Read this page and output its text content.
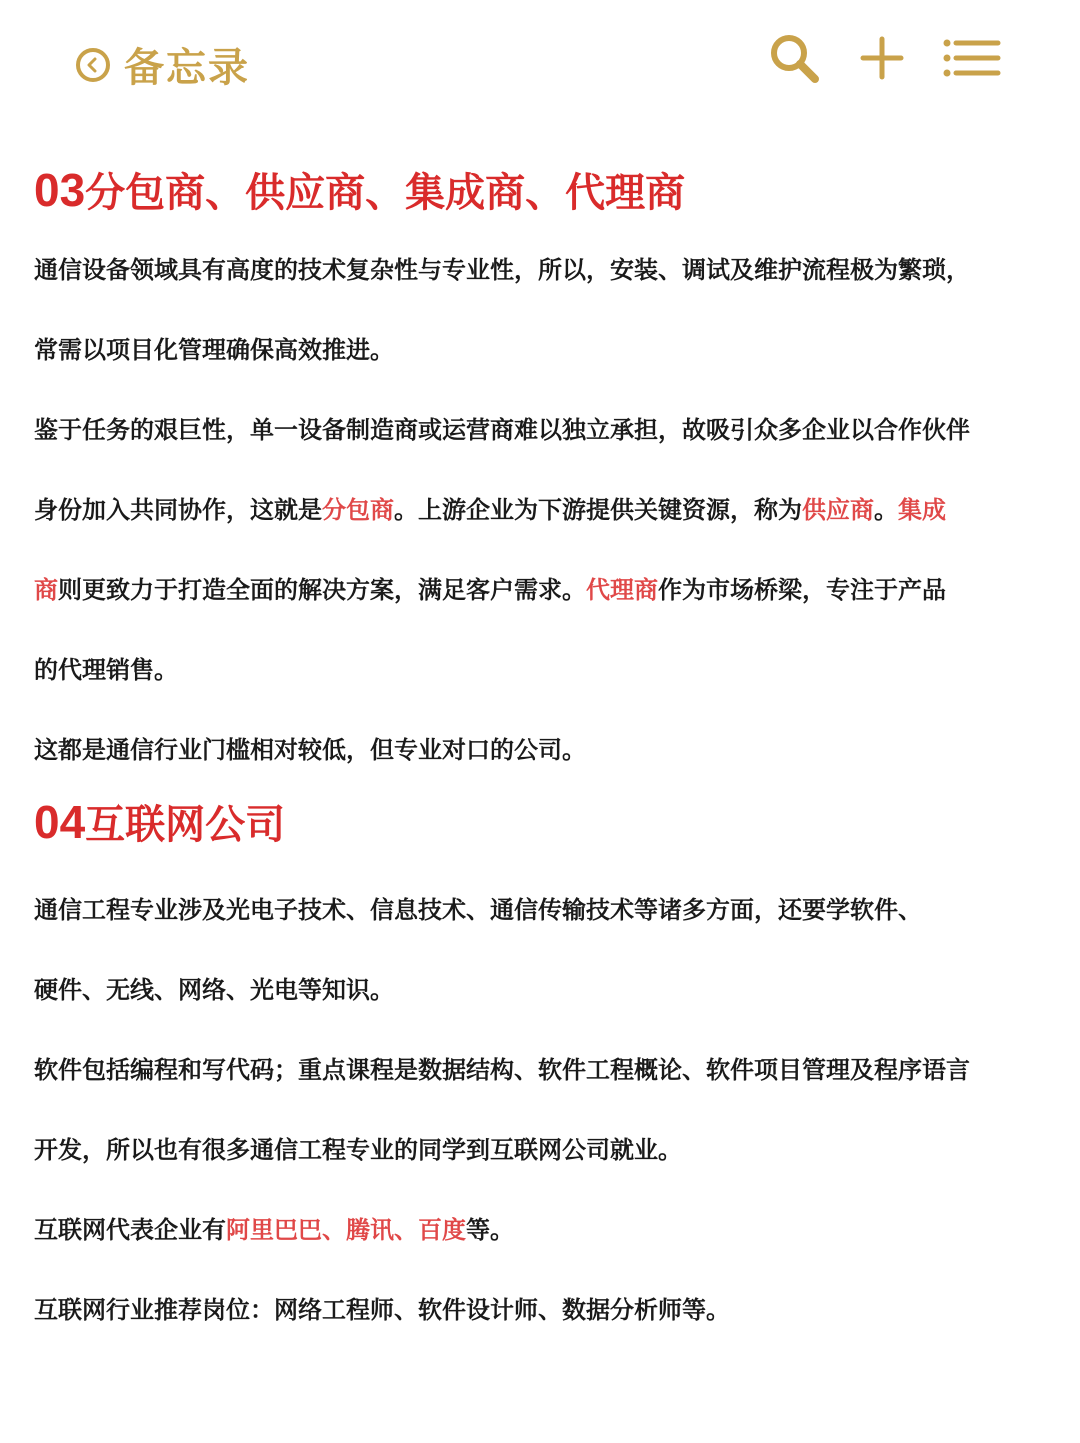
备忘录
03分包商、供应商、集成商、代理商

通信设备领域具有高度的技术复杂性与专业性，所以，安装、调试及维护流程极为繁琐，

常需以项目化管理确保高效推进。

鉴于任务的艰巨性，单一设备制造商或运营商难以独立承担，故吸引众多企业以合作伙伴

身份加入共同协作，这就是分包商。上游企业为下游提供关键资源，称为供应商。集成

商则更致力于打造全面的解决方案，满足客户需求。代理商作为市场桥梁，专注于产品

的代理销售。

这都是通信行业门槛相对较低，但专业对口的公司。

04互联网公司

通信工程专业涉及光电子技术、信息技术、通信传输技术等诸多方面，还要学软件、

硬件、无线、网络、光电等知识。

软件包括编程和写代码；重点课程是数据结构、软件工程概论、软件项目管理及程序语言

开发，所以也有很多通信工程专业的同学到互联网公司就业。

互联网代表企业有阿里巴巴、腾讯、百度等。

互联网行业推荐岗位：网络工程师、软件设计师、数据分析师等。
